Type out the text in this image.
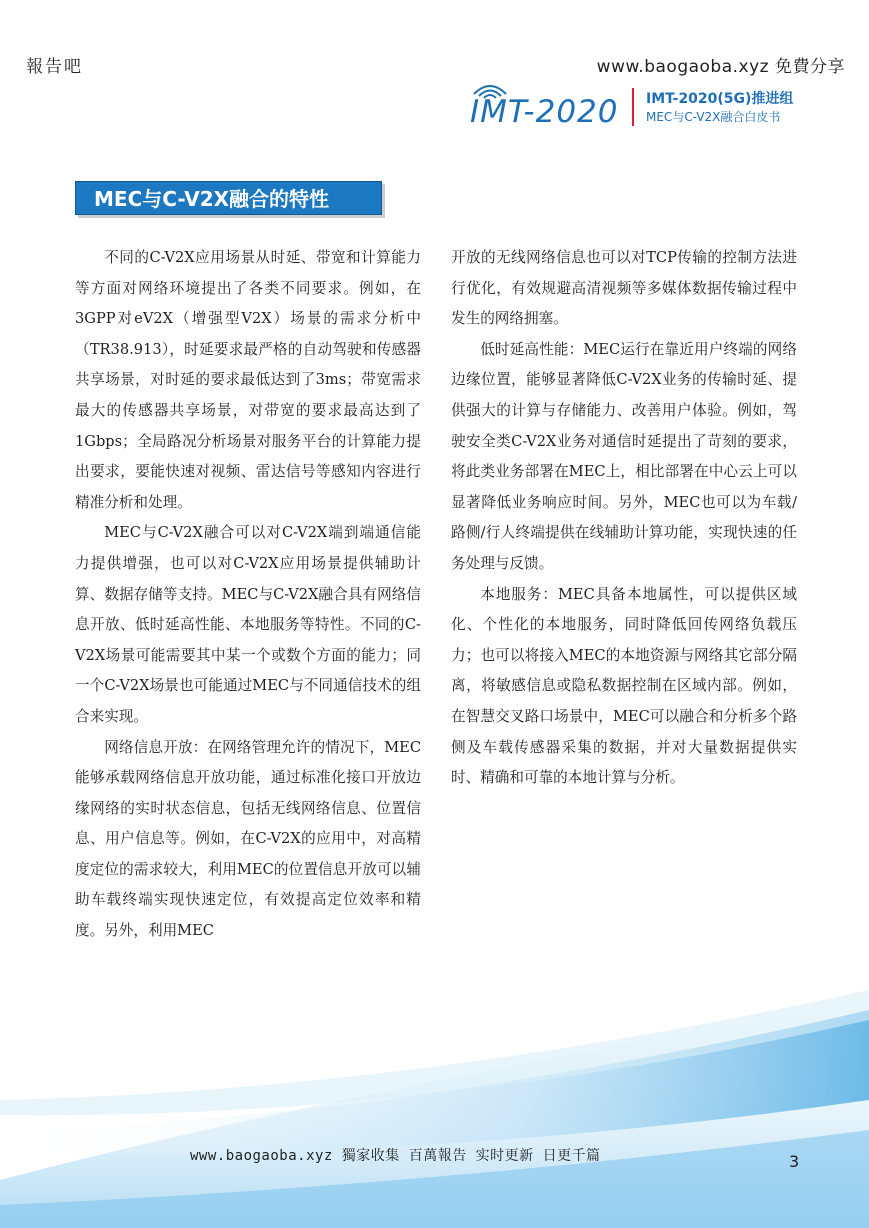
報告吧	www.baogaoba.xyz 免費分享
IMT-2020 IMT-2020(5G)推进组
MEC与C-V2X融合白皮书
MEC与C-V2X融合的特性

不同的C-V2X应用场景从时延、带宽和计算能力等方面对网络环境提出了各类不同要求。例如，在3GPP对eV2X（增强型V2X）场景的需求分析中（TR38.913），时延要求最严格的自动驾驶和传感器共享场景，对时延的要求最低达到了3ms；带宽需求最大的传感器共享场景，对带宽的要求最高达到了1Gbps；全局路况分析场景对服务平台的计算能力提出要求，要能快速对视频、雷达信号等感知内容进行精准分析和处理。

MEC与C-V2X融合可以对C-V2X端到端通信能力提供增强，也可以对C-V2X应用场景提供辅助计算、数据存储等支持。MEC与C-V2X融合具有网络信息开放、低时延高性能、本地服务等特性。不同的C-V2X场景可能需要其中某一个或数个方面的能力；同一个C-V2X场景也可能通过MEC与不同通信技术的组合来实现。

网络信息开放：在网络管理允许的情况下，MEC能够承载网络信息开放功能，通过标准化接口开放边缘网络的实时状态信息，包括无线网络信息、位置信息、用户信息等。例如，在C-V2X的应用中，对高精度定位的需求较大，利用MEC的位置信息开放可以辅助车载终端实现快速定位，有效提高定位效率和精度。另外，利用MEC

开放的无线网络信息也可以对TCP传输的控制方法进行优化，有效规避高清视频等多媒体数据传输过程中发生的网络拥塞。

低时延高性能：MEC运行在靠近用户终端的网络边缘位置，能够显著降低C-V2X业务的传输时延、提供强大的计算与存储能力、改善用户体验。例如，驾驶安全类C-V2X业务对通信时延提出了苛刻的要求，将此类业务部署在MEC上，相比部署在中心云上可以显著降低业务响应时间。另外，MEC也可以为车载/路侧/行人终端提供在线辅助计算功能，实现快速的任务处理与反馈。

本地服务：MEC具备本地属性，可以提供区域化、个性化的本地服务，同时降低回传网络负载压力；也可以将接入MEC的本地资源与网络其它部分隔离，将敏感信息或隐私数据控制在区域内部。例如，在智慧交叉路口场景中，MEC可以融合和分析多个路侧及车载传感器采集的数据，并对大量数据提供实时、精确和可靠的本地计算与分析。

www.baogaoba.xyz 獨家收集 百萬報告 实时更新 日更千篇	3
